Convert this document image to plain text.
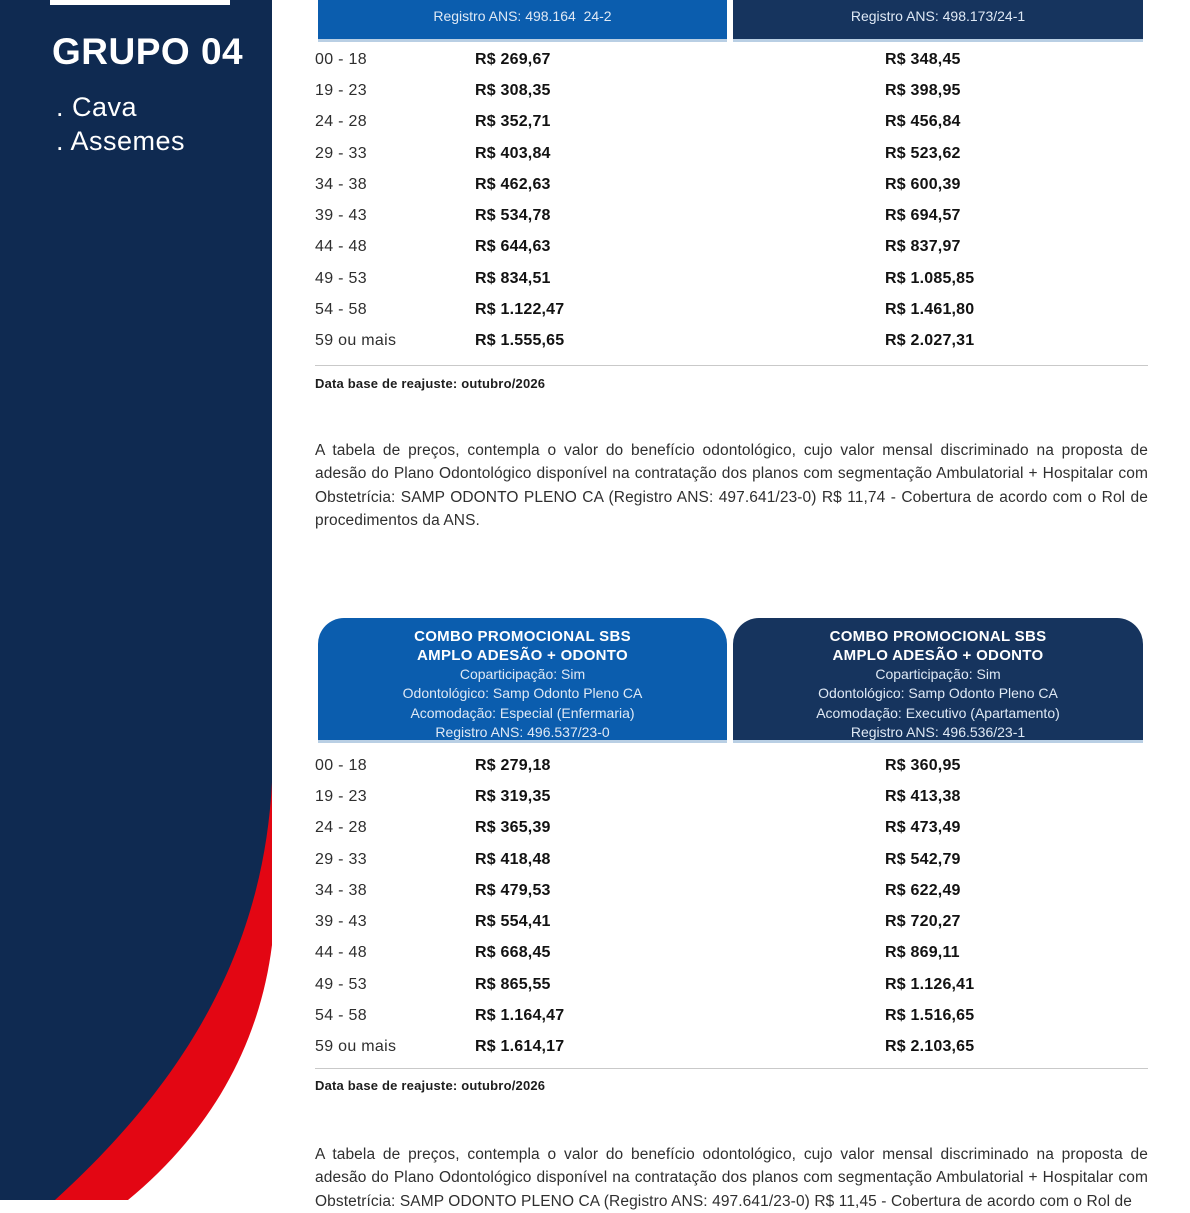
GRUPO 04
. Cava
. Assemes
Registro ANS: 498.164  24-2	Registro ANS: 498.173/24-1
00 - 18	R$ 269,67	R$ 348,45
19 - 23	R$ 308,35	R$ 398,95
24 - 28	R$ 352,71	R$ 456,84
29 - 33	R$ 403,84	R$ 523,62
34 - 38	R$ 462,63	R$ 600,39
39 - 43	R$ 534,78	R$ 694,57
44 - 48	R$ 644,63	R$ 837,97
49 - 53	R$ 834,51	R$ 1.085,85
54 - 58	R$ 1.122,47	R$ 1.461,80
59 ou mais	R$ 1.555,65	R$ 2.027,31
Data base de reajuste: outubro/2026
A tabela de preços, contempla o valor do benefício odontológico, cujo valor mensal discriminado na proposta de adesão do Plano Odontológico disponível na contratação dos planos com segmentação Ambulatorial + Hospitalar com Obstetrícia: SAMP ODONTO PLENO CA (Registro ANS: 497.641/23-0) R$ 11,74 - Cobertura de acordo com o Rol de procedimentos da ANS.
COMBO PROMOCIONAL SBS
AMPLO ADESÃO + ODONTO
Coparticipação: Sim
Odontológico: Samp Odonto Pleno CA
Acomodação: Especial (Enfermaria)
Registro ANS: 496.537/23-0
COMBO PROMOCIONAL SBS
AMPLO ADESÃO + ODONTO
Coparticipação: Sim
Odontológico: Samp Odonto Pleno CA
Acomodação: Executivo (Apartamento)
Registro ANS: 496.536/23-1
00 - 18	R$ 279,18	R$ 360,95
19 - 23	R$ 319,35	R$ 413,38
24 - 28	R$ 365,39	R$ 473,49
29 - 33	R$ 418,48	R$ 542,79
34 - 38	R$ 479,53	R$ 622,49
39 - 43	R$ 554,41	R$ 720,27
44 - 48	R$ 668,45	R$ 869,11
49 - 53	R$ 865,55	R$ 1.126,41
54 - 58	R$ 1.164,47	R$ 1.516,65
59 ou mais	R$ 1.614,17	R$ 2.103,65
Data base de reajuste: outubro/2026
A tabela de preços, contempla o valor do benefício odontológico, cujo valor mensal discriminado na proposta de adesão do Plano Odontológico disponível na contratação dos planos com segmentação Ambulatorial + Hospitalar com Obstetrícia: SAMP ODONTO PLENO CA (Registro ANS: 497.641/23-0) R$ 11,45 - Cobertura de acordo com o Rol de
